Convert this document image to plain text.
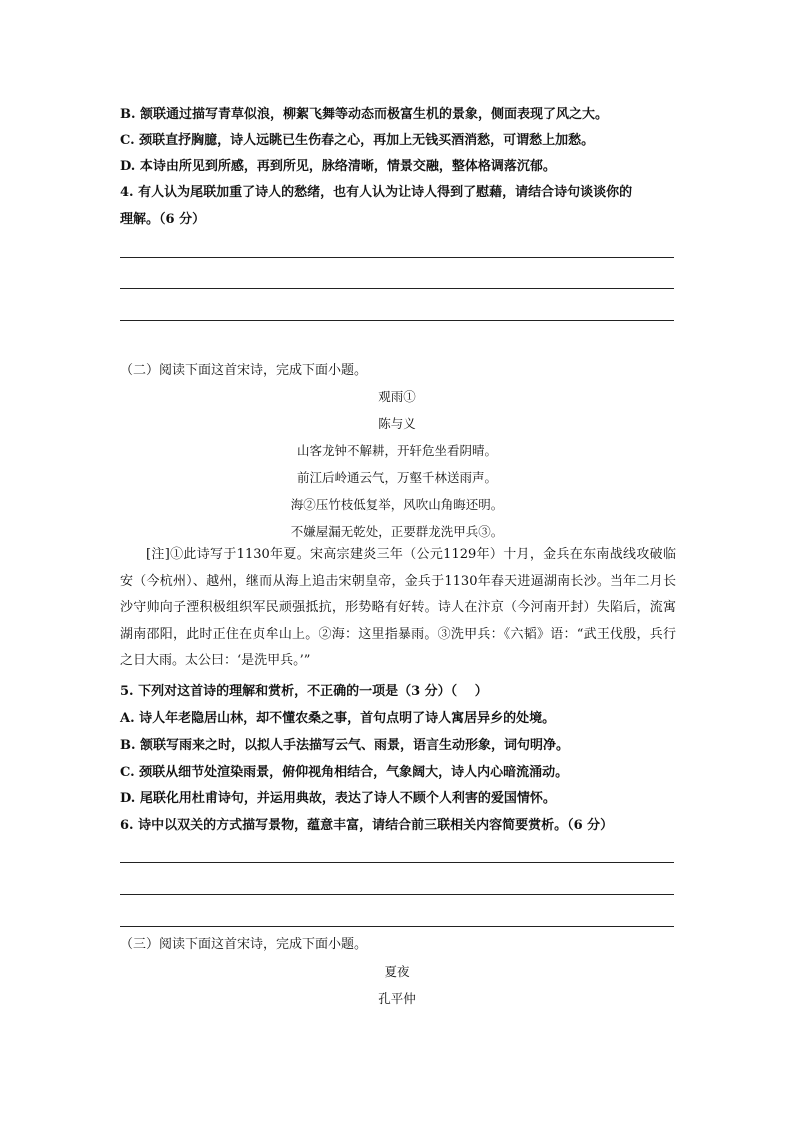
B. 颔联通过描写青草似浪，柳絮飞舞等动态而极富生机的景象，侧面表现了风之大。
C. 颈联直抒胸臆，诗人远眺已生伤春之心，再加上无钱买酒消愁，可谓愁上加愁。
D. 本诗由所见到所感，再到所见，脉络清晰，情景交融，整体格调落沉郁。
4. 有人认为尾联加重了诗人的愁绪，也有人认为让诗人得到了慰藉，请结合诗句谈谈你的
理解。（6 分）
（二）阅读下面这首宋诗，完成下面小题。
观雨①
陈与义
山客龙钟不解耕，开轩危坐看阴晴。
前江后岭通云气，万壑千林送雨声。
海②压竹枝低复举，风吹山角晦还明。
不嫌屋漏无乾处，正要群龙洗甲兵③。
[注]①此诗写于1130年夏。宋高宗建炎三年（公元1129年）十月，金兵在东南战线攻破临安（今杭州）、越州，继而从海上追击宋朝皇帝，金兵于1130年春天进逼湖南长沙。当年二月长沙守帅向子湮积极组织军民顽强抵抗，形势略有好转。诗人在汴京（今河南开封）失陷后，流寓湖南邵阳，此时正住在贞牟山上。②海：这里指暴雨。③洗甲兵：《六韬》语：“武王伐殷，兵行之日大雨。太公曰：‘是洗甲兵。’”
5. 下列对这首诗的理解和赏析，不正确的一项是（3 分）（　 ）
A. 诗人年老隐居山林，却不懂农桑之事，首句点明了诗人寓居异乡的处境。
B. 颔联写雨来之时，以拟人手法描写云气、雨景，语言生动形象，词句明净。
C. 颈联从细节处渲染雨景，俯仰视角相结合，气象阔大，诗人内心暗流涌动。
D. 尾联化用杜甫诗句，并运用典故，表达了诗人不顾个人利害的爱国情怀。
6. 诗中以双关的方式描写景物，蕴意丰富，请结合前三联相关内容简要赏析。（6 分）
（三）阅读下面这首宋诗，完成下面小题。
夏夜
孔平仲
